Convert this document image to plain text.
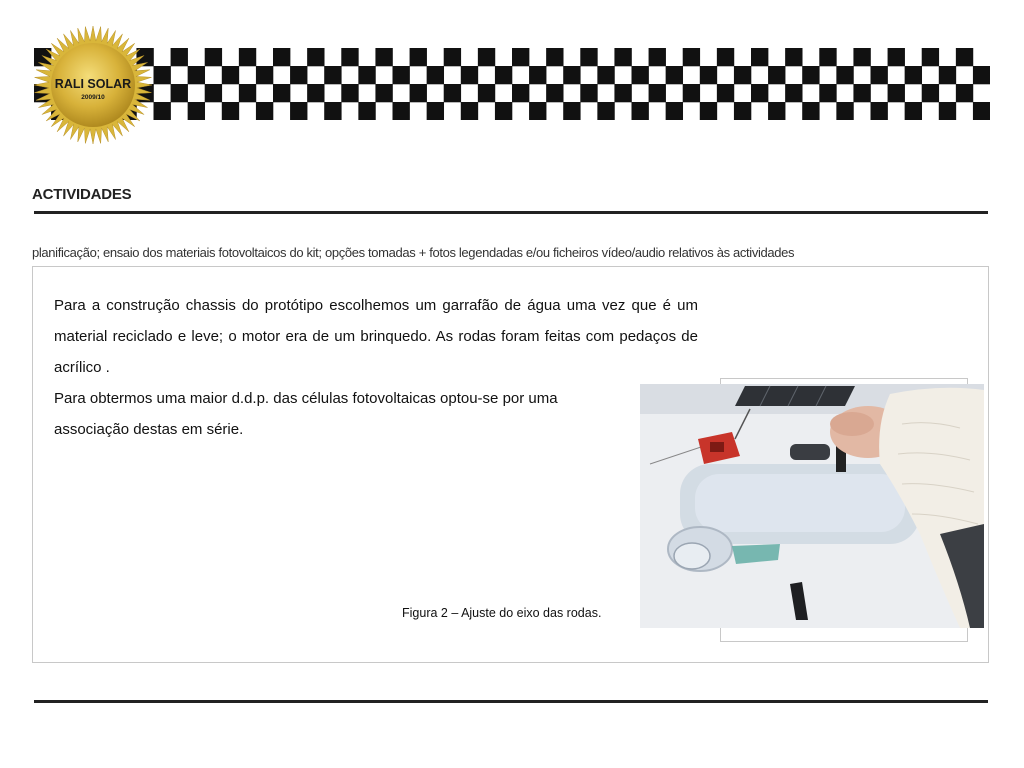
RALI SOLAR
2009/10
ACTIVIDADES
planificação; ensaio dos materiais fotovoltaicos do kit; opções tomadas + fotos legendadas e/ou ficheiros vídeo/audio relativos às actividades

Para a construção chassis do protótipo escolhemos um garrafão de água uma vez que é um material reciclado e leve; o motor era de um brinquedo. As rodas foram feitas com pedaços de acrílico .

Para obtermos uma maior d.d.p. das células fotovoltaicas optou-se por uma associação destas em série.

Figura 2 – Ajuste do eixo das rodas.
